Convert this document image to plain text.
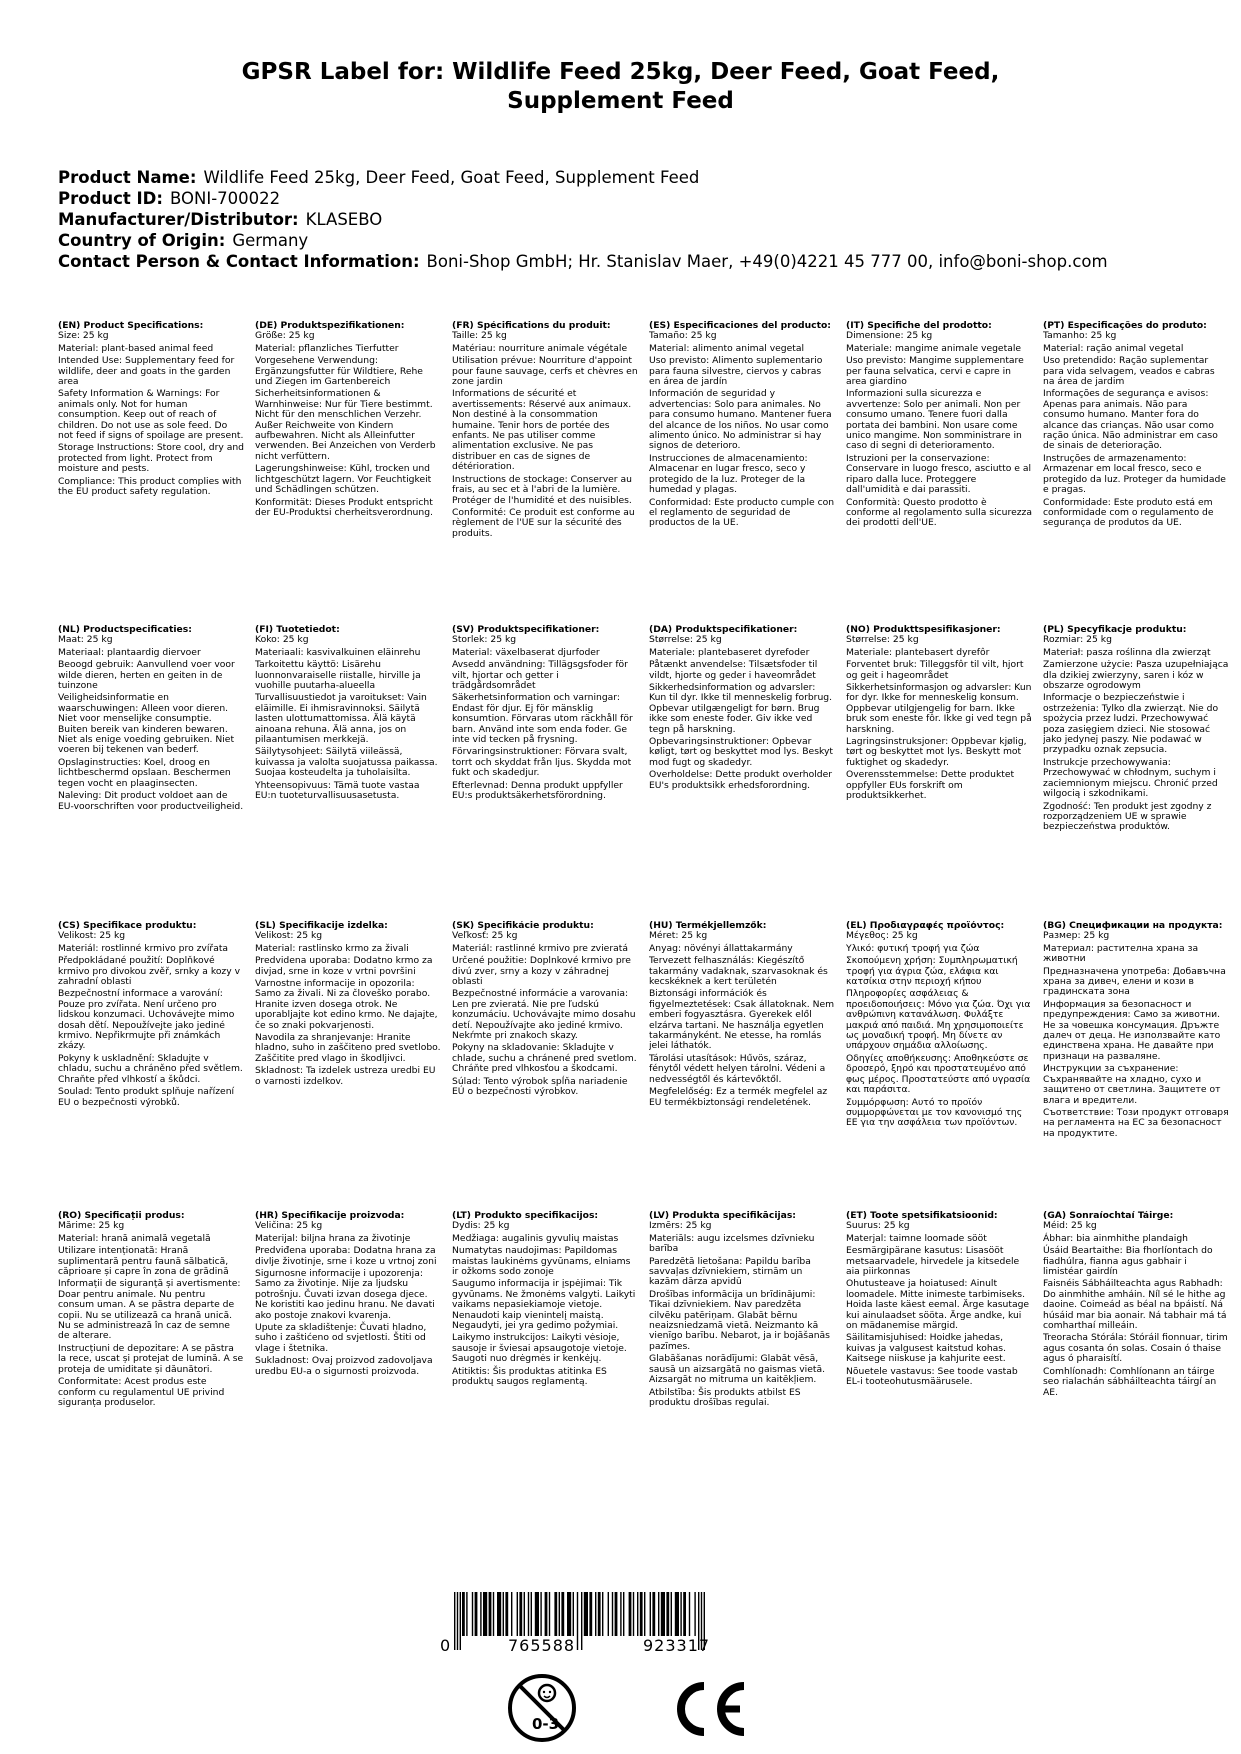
GPSR Label for: Wildlife Feed 25kg, Deer Feed, Goat Feed,
Supplement Feed
Product Name: Wildlife Feed 25kg, Deer Feed, Goat Feed, Supplement Feed
Product ID: BONI-700022
Manufacturer/Distributor: KLASEBO
Country of Origin: Germany
Contact Person & Contact Information: Boni-Shop GmbH; Hr. Stanislav Maer, +49(0)4221 45 777 00, info@boni-shop.com
(EN) Product Specifications:
Size: 25 kg
Material: plant-based animal feed
Intended Use: Supplementary feed for wildlife, deer and goats in the garden area
Safety Information & Warnings: For animals only. Not for human consumption. Keep out of reach of children. Do not use as sole feed. Do not feed if signs of spoilage are present.
Storage Instructions: Store cool, dry and protected from light. Protect from moisture and pests.
Compliance: This product complies with the EU product safety regulation.
(DE) Produktspezifikationen:
Größe: 25 kg
Material: pflanzliches Tierfutter
Vorgesehene Verwendung: Ergänzungsfutter für Wildtiere, Rehe und Ziegen im Gartenbereich
Sicherheitsinformationen & Warnhinweise: Nur für Tiere bestimmt. Nicht für den menschlichen Verzehr. Außer Reichweite von Kindern aufbewahren. Nicht als Alleinfutter verwenden. Bei Anzeichen von Verderb nicht verfüttern.
Lagerungshinweise: Kühl, trocken und lichtgeschützt lagern. Vor Feuchtigkeit und Schädlingen schützen.
Konformität: Dieses Produkt entspricht der EU-Produktsi cherheitsverordnung.
(FR) Spécifications du produit:
Taille: 25 kg
Matériau: nourriture animale végétale
Utilisation prévue: Nourriture d'appoint pour faune sauvage, cerfs et chèvres en zone jardin
Informations de sécurité et avertissements: Réservé aux animaux. Non destiné à la consommation humaine. Tenir hors de portée des enfants. Ne pas utiliser comme alimentation exclusive. Ne pas distribuer en cas de signes de détérioration.
Instructions de stockage: Conserver au frais, au sec et à l'abri de la lumière. Protéger de l'humidité et des nuisibles.
Conformité: Ce produit est conforme au règlement de l'UE sur la sécurité des produits.
(ES) Especificaciones del producto:
Tamaño: 25 kg
Material: alimento animal vegetal
Uso previsto: Alimento suplementario para fauna silvestre, ciervos y cabras en área de jardín
Información de seguridad y advertencias: Solo para animales. No para consumo humano. Mantener fuera del alcance de los niños. No usar como alimento único. No administrar si hay signos de deterioro.
Instrucciones de almacenamiento: Almacenar en lugar fresco, seco y protegido de la luz. Proteger de la humedad y plagas.
Conformidad: Este producto cumple con el reglamento de seguridad de productos de la UE.
(IT) Specifiche del prodotto:
Dimensione: 25 kg
Materiale: mangime animale vegetale
Uso previsto: Mangime supplementare per fauna selvatica, cervi e capre in area giardino
Informazioni sulla sicurezza e avvertenze: Solo per animali. Non per consumo umano. Tenere fuori dalla portata dei bambini. Non usare come unico mangime. Non somministrare in caso di segni di deterioramento.
Istruzioni per la conservazione: Conservare in luogo fresco, asciutto e al riparo dalla luce. Proteggere dall'umidità e dai parassiti.
Conformità: Questo prodotto è conforme al regolamento sulla sicurezza dei prodotti dell'UE.
(PT) Especificações do produto:
Tamanho: 25 kg
Material: ração animal vegetal
Uso pretendido: Ração suplementar para vida selvagem, veados e cabras na área de jardim
Informações de segurança e avisos: Apenas para animais. Não para consumo humano. Manter fora do alcance das crianças. Não usar como ração única. Não administrar em caso de sinais de deterioração.
Instruções de armazenamento: Armazenar em local fresco, seco e protegido da luz. Proteger da humidade e pragas.
Conformidade: Este produto está em conformidade com o regulamento de segurança de produtos da UE.
(NL) Productspecificaties:
Maat: 25 kg
Materiaal: plantaardig diervoer
Beoogd gebruik: Aanvullend voer voor wilde dieren, herten en geiten in de tuinzone
Veiligheidsinformatie en waarschuwingen: Alleen voor dieren. Niet voor menselijke consumptie. Buiten bereik van kinderen bewaren. Niet als enige voeding gebruiken. Niet voeren bij tekenen van bederf.
Opslaginstructies: Koel, droog en lichtbeschermd opslaan. Beschermen tegen vocht en plaaginsecten.
Naleving: Dit product voldoet aan de EU-voorschriften voor productveiligheid.
(FI) Tuotetiedot:
Koko: 25 kg
Materiaali: kasvivalkuinen eläinrehu
Tarkoitettu käyttö: Lisärehu luonnonvaraiselle riistalle, hirville ja vuohille puutarha-alueella
Turvallisuustiedot ja varoitukset: Vain eläimille. Ei ihmisravinnoksi. Säilytä lasten ulottumattomissa. Älä käytä ainoana rehuna. Älä anna, jos on pilaantumisen merkkejä.
Säilytysohjeet: Säilytä viileässä, kuivassa ja valolta suojatussa paikassa. Suojaa kosteudelta ja tuholaisilta.
Yhteensopivuus: Tämä tuote vastaa EU:n tuoteturvallisuusasetusta.
(SV) Produktspecifikationer:
Storlek: 25 kg
Material: växelbaserat djurfoder
Avsedd användning: Tillägsgsfoder för vilt, hjortar och getter i trädgårdsområdet
Säkerhetsinformation och varningar: Endast för djur. Ej för mänsklig konsumtion. Förvaras utom räckhåll för barn. Använd inte som enda foder. Ge inte vid tecken på frysning.
Förvaringsinstruktioner: Förvara svalt, torrt och skyddat från ljus. Skydda mot fukt och skadedjur.
Efterlevnad: Denna produkt uppfyller EU:s produktsäkerhetsförordning.
(DA) Produktspecifikationer:
Størrelse: 25 kg
Materiale: plantebaseret dyrefoder
Påtænkt anvendelse: Tilsætsfoder til vildt, hjorte og geder i haveområdet
Sikkerhedsinformation og advarsler: Kun til dyr. Ikke til menneskelig forbrug. Opbevar utilgængeligt for børn. Brug ikke som eneste foder. Giv ikke ved tegn på harskning.
Opbevaringsinstruktioner: Opbevar køligt, tørt og beskyttet mod lys. Beskyt mod fugt og skadedyr.
Overholdelse: Dette produkt overholder EU's produktsikk erhedsforordning.
(NO) Produkttspesifikasjoner:
Størrelse: 25 kg
Materiale: plantebasert dyrefôr
Forventet bruk: Tilleggsfôr til vilt, hjort og geit i hageområdet
Sikkerhetsinformasjon og advarsler: Kun for dyr. Ikke for menneskelig konsum. Oppbevar utilgjengelig for barn. Ikke bruk som eneste fôr. Ikke gi ved tegn på harskning.
Lagringsinstruksjoner: Oppbevar kjølig, tørt og beskyttet mot lys. Beskytt mot fuktighet og skadedyr.
Overensstemmelse: Dette produktet oppfyller EUs forskrift om produktsikkerhet.
(PL) Specyfikacje produktu:
Rozmiar: 25 kg
Materiał: pasza roślinna dla zwierząt
Zamierzone użycie: Pasza uzupełniająca dla dzikiej zwierzyny, saren i kóz w obszarze ogrodowym
Informacje o bezpieczeństwie i ostrzeżenia: Tylko dla zwierząt. Nie do spożycia przez ludzi. Przechowywać poza zasięgiem dzieci. Nie stosować jako jedynej paszy. Nie podawać w przypadku oznak zepsucia.
Instrukcje przechowywania: Przechowywać w chłodnym, suchym i zaciemnionym miejscu. Chronić przed wilgocią i szkodnikami.
Zgodność: Ten produkt jest zgodny z rozporządzeniem UE w sprawie bezpieczeństwa produktów.
(CS) Specifikace produktu:
Velikost: 25 kg
Materiál: rostlinné krmivo pro zvířata
Předpokládané použití: Doplňkové krmivo pro divokou zvěř, srnky a kozy v zahradní oblasti
Bezpečnostní informace a varování: Pouze pro zvířata. Není určeno pro lidskou konzumaci. Uchovávejte mimo dosah dětí. Nepoužívejte jako jediné krmivo. Nepřikrmujte při známkách zkázy.
Pokyny k uskladnění: Skladujte v chladu, suchu a chráněno před světlem. Chraňte před vlhkostí a škůdci.
Soulad: Tento produkt splňuje nařízení EU o bezpečnosti výrobků.
(SL) Specifikacije izdelka:
Velikost: 25 kg
Material: rastlinsko krmo za živali
Predvidena uporaba: Dodatno krmo za divjad, srne in koze v vrtni površini
Varnostne informacije in opozorila: Samo za živali. Ni za človeško porabo. Hranite izven dosega otrok. Ne uporabljajte kot edino krmo. Ne dajajte, če so znaki pokvarjenosti.
Navodila za shranjevanje: Hranite hladno, suho in zaščiteno pred svetlobo. Zaščitite pred vlago in škodljivci.
Skladnost: Ta izdelek ustreza uredbi EU o varnosti izdelkov.
(SK) Špecifikácie produktu:
Veľkosť: 25 kg
Materiál: rastlinné krmivo pre zvieratá
Určené použitie: Doplnkové krmivo pre divú zver, srny a kozy v záhradnej oblasti
Bezpečnostné informácie a varovania: Len pre zvieratá. Nie pre ľudskú konzumáciu. Uchovávajte mimo dosahu detí. Nepoužívajte ako jediné krmivo. Nekŕmte pri znakoch skazy.
Pokyny na skladovanie: Skladujte v chlade, suchu a chránené pred svetlom. Chráňte pred vlhkosťou a škodcami.
Súlad: Tento výrobok spĺňa nariadenie EÚ o bezpečnosti výrobkov.
(HU) Termékjellemzők:
Méret: 25 kg
Anyag: növényi állattakarmány
Tervezett felhasználás: Kiegészítő takarmány vadaknak, szarvasoknak és kecskéknek a kert területén
Biztonsági információk és figyelmeztetések: Csak állatoknak. Nem emberi fogyasztásra. Gyerekek elől elzárva tartani. Ne használja egyetlen takarmányként. Ne etesse, ha romlás jelei láthatók.
Tárolási utasítások: Hűvös, száraz, fénytől védett helyen tárolni. Védeni a nedvességtől és kártevőktől.
Megfelelőség: Ez a termék megfelel az EU termékbiztonsági rendeletének.
(EL) Προδιαγραφές προϊόντος:
Μέγεθος: 25 kg
Υλικό: φυτική τροφή για ζώα
Σκοπούμενη χρήση: Συμπληρωματική τροφή για άγρια ζώα, ελάφια και κατσίκια στην περιοχή κήπου
Πληροφορίες ασφάλειας & προειδοποιήσεις: Μόνο για ζώα. Όχι για ανθρώπινη κατανάλωση. Φυλάξτε μακριά από παιδιά. Μη χρησιμοποιείτε ως μοναδική τροφή. Μη δίνετε αν υπάρχουν σημάδια αλλοίωσης.
Οδηγίες αποθήκευσης: Αποθηκεύστε σε δροσερό, ξηρό και προστατευμένο από φως μέρος. Προστατεύστε από υγρασία και παράσιτα.
Συμμόρφωση: Αυτό το προϊόν συμμορφώνεται με τον κανονισμό της ΕΕ για την ασφάλεια των προϊόντων.
(BG) Спецификации на продукта:
Размер: 25 kg
Материал: растителна храна за животни
Предназначена употреба: Добавъчна храна за дивеч, елени и кози в градинската зона
Информация за безопасност и предупреждения: Само за животни. Не за човешка консумация. Дръжте далеч от деца. Не използвайте като единствена храна. Не давайте при признаци на разваляне.
Инструкции за съхранение: Съхранявайте на хладно, сухо и защитено от светлина. Защитете от влага и вредители.
Съответствие: Този продукт отговаря на регламента на ЕС за безопасност на продуктите.
(RO) Specificații produs:
Mărime: 25 kg
Material: hrană animală vegetală
Utilizare intenționată: Hrană suplimentară pentru faună sălbatică, căprioare și capre în zona de grădină
Informații de siguranță și avertismente: Doar pentru animale. Nu pentru consum uman. A se păstra departe de copii. Nu se utilizează ca hrană unică. Nu se administrează în caz de semne de alterare.
Instrucțiuni de depozitare: A se păstra la rece, uscat și protejat de lumină. A se proteja de umiditate și dăunători.
Conformitate: Acest produs este conform cu regulamentul UE privind siguranța produselor.
(HR) Specifikacije proizvoda:
Veličina: 25 kg
Materijal: biljna hrana za životinje
Predviđena uporaba: Dodatna hrana za divlje životinje, srne i koze u vrtnoj zoni
Sigurnosne informacije i upozorenja: Samo za životinje. Nije za ljudsku potrošnju. Čuvati izvan dosega djece. Ne koristiti kao jedinu hranu. Ne davati ako postoje znakovi kvarenja.
Upute za skladištenje: Čuvati hladno, suho i zaštićeno od svjetlosti. Štiti od vlage i štetnika.
Sukladnost: Ovaj proizvod zadovoljava uredbu EU-a o sigurnosti proizvoda.
(LT) Produkto specifikacijos:
Dydis: 25 kg
Medžiaga: augalinis gyvulių maistas
Numatytas naudojimas: Papildomas maistas laukinėms gyvūnams, elniams ir ožkoms sodo zonoje
Saugumo informacija ir įspėjimai: Tik gyvūnams. Ne žmonėms valgyti. Laikyti vaikams nepasiekiamoje vietoje. Nenaudoti kaip vienintelį maistą. Negaudyti, jei yra gedimo požymiai.
Laikymo instrukcijos: Laikyti vėsioje, sausoje ir šviesai apsaugotoje vietoje. Saugoti nuo drėgmės ir kenkėjų.
Atitiktis: Šis produktas atitinka ES produktų saugos reglamentą.
(LV) Produkta specifikācijas:
Izmērs: 25 kg
Materiāls: augu izcelsmes dzīvnieku barība
Paredzētā lietošana: Papildu barība savvaļas dzīvniekiem, stirnām un kazām dārza apvidū
Drošības informācija un brīdinājumi: Tikai dzīvniekiem. Nav paredzēta cilvēku patēriņam. Glabāt bērnu neaizsniedzamā vietā. Neizmanto kā vienīgo barību. Nebarot, ja ir bojāšanās pazīmes.
Glabāšanas norādījumi: Glabāt vēsā, sausā un aizsargātā no gaismas vietā. Aizsargāt no mitruma un kaitēkļiem.
Atbilstība: Šis produkts atbilst ES produktu drošības regulai.
(ET) Toote spetsifikatsioonid:
Suurus: 25 kg
Materjal: taimne loomade sööt
Eesmärgipärane kasutus: Lisasööt metsaarvadele, hirvedele ja kitsedele aia piirkonnas
Ohutusteave ja hoiatused: Ainult loomadele. Mitte inimeste tarbimiseks. Hoida laste käest eemal. Ärge kasutage kui ainulaadset sööta. Ärge andke, kui on mädanemise märgid.
Säilitamisjuhised: Hoidke jahedas, kuivas ja valgusest kaitstud kohas. Kaitsege niiskuse ja kahjurite eest.
Nõuetele vastavus: See toode vastab EL-i tooteohutusmäärusele.
(GA) Sonraíochtaí Táirge:
Méid: 25 kg
Ábhar: bia ainmhithe plandaigh
Úsáid Beartaithe: Bia fhorlíontach do fiadhúlra, fianna agus gabhair i limistéar gairdín
Faisnéis Sábháilteachta agus Rabhadh: Do ainmhithe amháin. Níl sé le hithe ag daoine. Coimeád as béal na bpáistí. Ná húsáid mar bia aonair. Ná tabhair má tá comharthaí milleáin.
Treoracha Stórála: Stóráil fionnuar, tirim agus cosanta ón solas. Cosain ó thaise agus ó pharaisítí.
Comhlíonadh: Comhlíonann an táirge seo rialachán sábháilteachta táirgí an AE.
0	765588	923317
0-3
